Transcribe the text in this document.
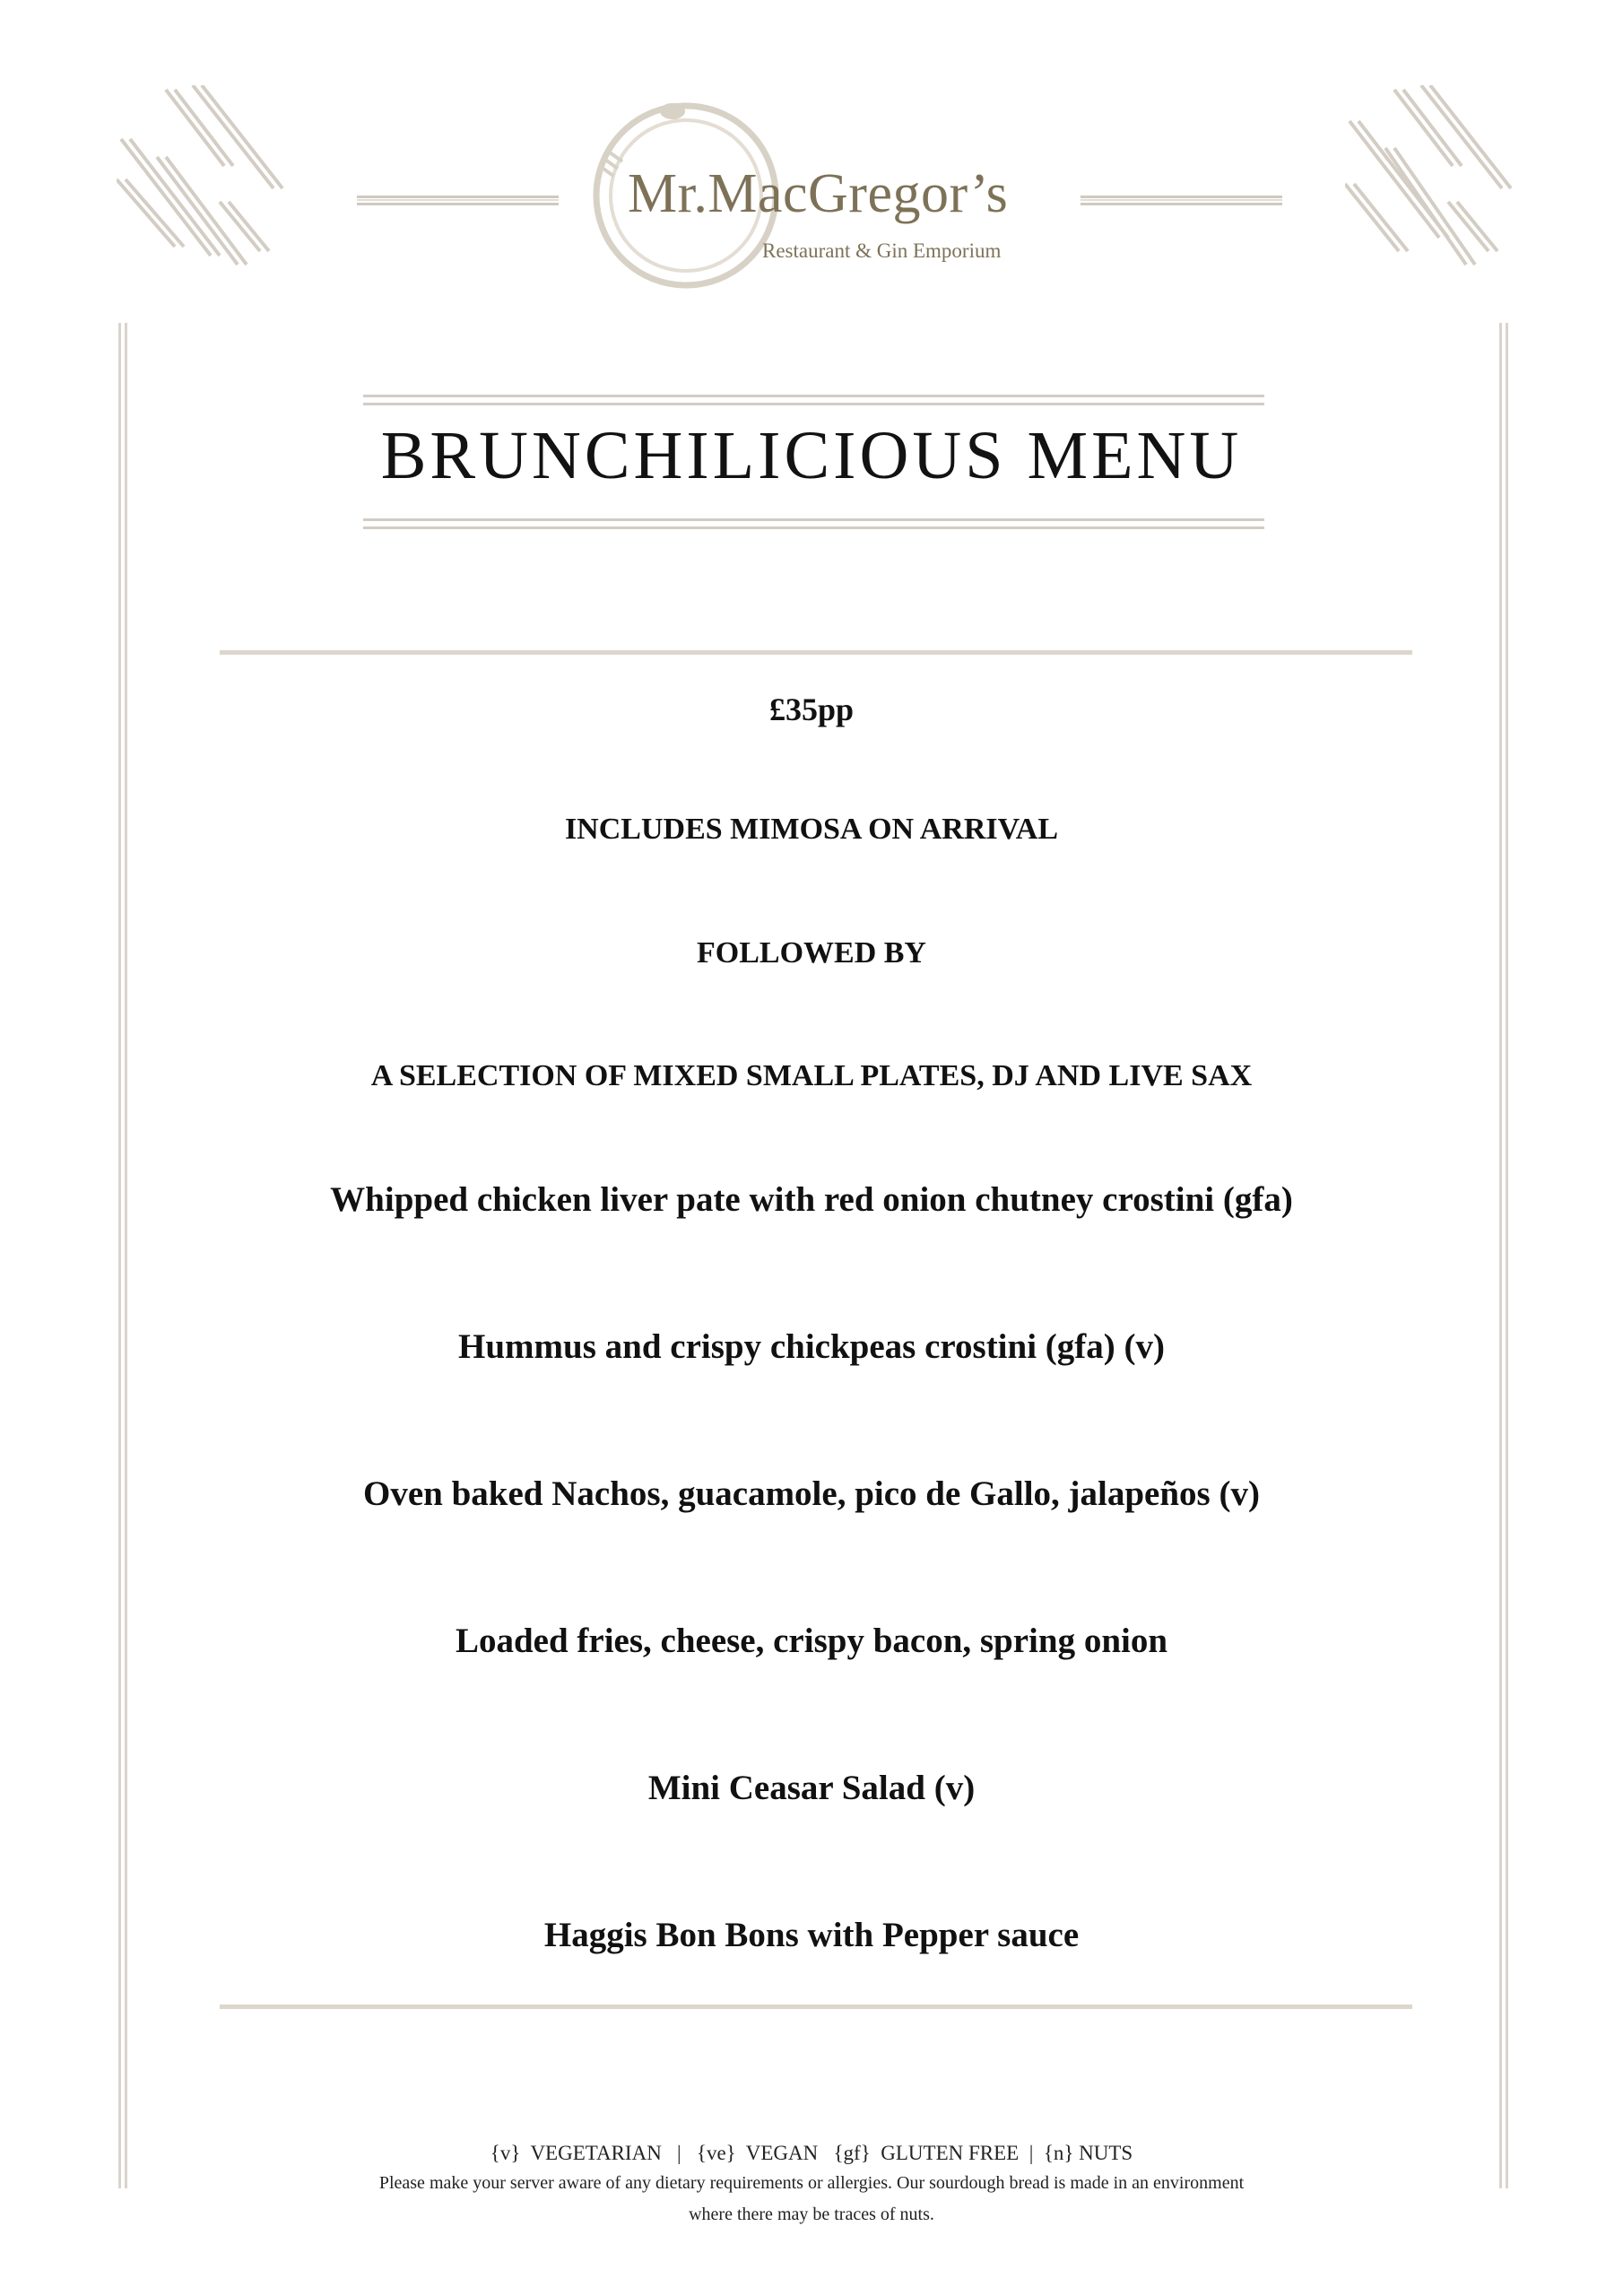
Mr.MacGregor’s
Restaurant & Gin Emporium
BRUNCHILICIOUS MENU
£35pp
INCLUDES MIMOSA ON ARRIVAL
FOLLOWED BY
A SELECTION OF MIXED SMALL PLATES, DJ AND LIVE SAX
Whipped chicken liver pate with red onion chutney crostini (gfa)
Hummus and crispy chickpeas crostini (gfa) (v)
Oven baked Nachos, guacamole, pico de Gallo, jalapeños (v)
Loaded fries, cheese, crispy bacon, spring onion
Mini Ceasar Salad (v)
Haggis Bon Bons with Pepper sauce
{v}  VEGETARIAN   |   {ve}  VEGAN   {gf}  GLUTEN FREE  |  {n} NUTS
Please make your server aware of any dietary requirements or allergies. Our sourdough bread is made in an environment
where there may be traces of nuts.
